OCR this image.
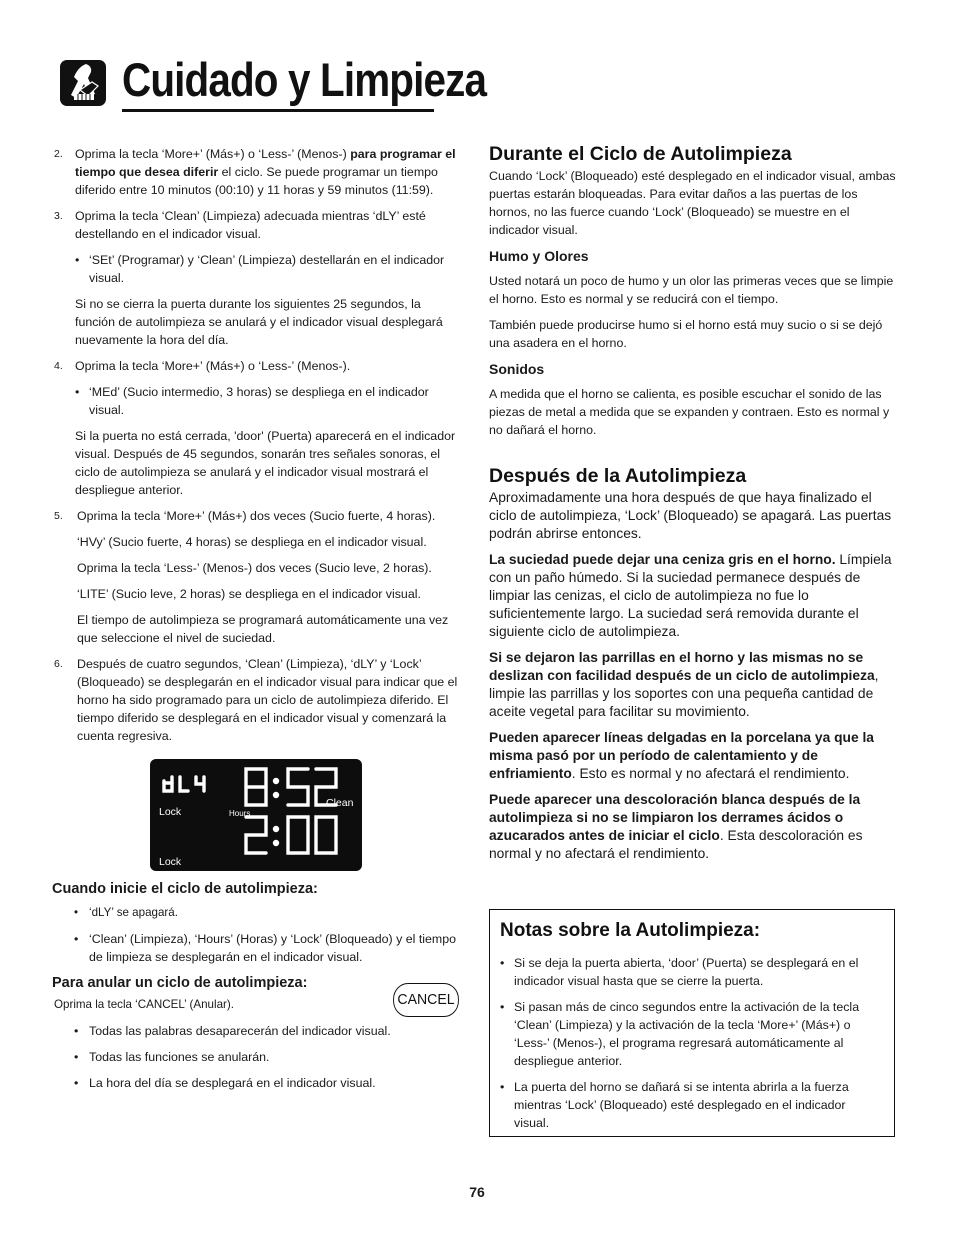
Cuidado y Limpieza
2. Oprima la tecla ‘More+’ (Más+) o ‘Less-’ (Menos-) para programar el tiempo que desea diferir el ciclo. Se puede programar un tiempo diferido entre 10 minutos (00:10) y 11 horas y 59 minutos (11:59).
3. Oprima la tecla ‘Clean’ (Limpieza) adecuada mientras ‘dLY’ esté destellando en el indicador visual.
• ‘SEt’ (Programar) y ‘Clean’ (Limpieza) destellarán en el indicador visual.
Si no se cierra la puerta durante los siguientes 25 segundos, la función de autolimpieza se anulará y el indicador visual desplegará nuevamente la hora del día.
4. Oprima la tecla ‘More+’ (Más+) o ‘Less-’ (Menos-).
• ‘MEd’ (Sucio intermedio, 3 horas) se despliega en el indicador visual.
Si la puerta no está cerrada, 'door' (Puerta) aparecerá en el indicador visual. Después de 45 segundos, sonarán tres señales sonoras, el ciclo de autolimpieza se anulará y el indicador visual mostrará el despliegue anterior.
5. Oprima la tecla ‘More+’ (Más+) dos veces (Sucio fuerte, 4 horas).
‘HVy’ (Sucio fuerte, 4 horas) se despliega en el indicador visual.
Oprima la tecla ‘Less-’ (Menos-) dos veces (Sucio leve, 2 horas).
‘LITE’ (Sucio leve, 2 horas) se despliega en el indicador visual.
El tiempo de autolimpieza se programará automáticamente una vez que seleccione el nivel de suciedad.
6. Después de cuatro segundos, ‘Clean’ (Limpieza), ‘dLY’ y ‘Lock’ (Bloqueado) se desplegarán en el indicador visual para indicar que el horno ha sido programado para un ciclo de autolimpieza diferido. El tiempo diferido se desplegará en el indicador visual y comenzará la cuenta regresiva.
Lock	Hours
Clean
Lock
Cuando inicie el ciclo de autolimpieza:
• ‘dLY’ se apagará.
• ‘Clean’ (Limpieza), ‘Hours’ (Horas) y ‘Lock’ (Bloqueado) y el tiempo de limpieza se desplegarán en el indicador visual.
Para anular un ciclo de autolimpieza:
CANCEL

Oprima la tecla ‘CANCEL’ (Anular).

• Todas las palabras desaparecerán del indicador visual.
• Todas las funciones se anularán.
• La hora del día se desplegará en el indicador visual.
Durante el Ciclo de Autolimpieza

Cuando ‘Lock’ (Bloqueado) esté desplegado en el indicador visual, ambas puertas estarán bloqueadas. Para evitar daños a las puertas de los hornos, no las fuerce cuando ‘Lock’ (Bloqueado) se muestre en el indicador visual.

Humo y Olores

Usted notará un poco de humo y un olor las primeras veces que se limpie el horno. Esto es normal y se reducirá con el tiempo.

También puede producirse humo si el horno está muy sucio o si se dejó una asadera en el horno.

Sonidos

A medida que el horno se calienta, es posible escuchar el sonido de las piezas de metal a medida que se expanden y contraen. Esto es normal y no dañará el horno.

Después de la Autolimpieza

Aproximadamente una hora después de que haya finalizado el ciclo de autolimpieza, ‘Lock’ (Bloqueado) se apagará. Las puertas podrán abrirse entonces.

La suciedad puede dejar una ceniza gris en el horno. Límpiela con un paño húmedo. Si la suciedad permanece después de limpiar las cenizas, el ciclo de autolimpieza no fue lo suficientemente largo. La suciedad será removida durante el siguiente ciclo de autolimpieza.

Si se dejaron las parrillas en el horno y las mismas no se deslizan con facilidad después de un ciclo de autolimpieza, limpie las parrillas y los soportes con una pequeña cantidad de aceite vegetal para facilitar su movimiento.

Pueden aparecer líneas delgadas en la porcelana ya que la misma pasó por un período de calentamiento y de enfriamiento. Esto es normal y no afectará el rendimiento.

Puede aparecer una descoloración blanca después de la autolimpieza si no se limpiaron los derrames ácidos o azucarados antes de iniciar el ciclo. Esta descoloración es normal y no afectará el rendimiento.

Notas sobre la Autolimpieza:
• Si se deja la puerta abierta, ‘door’ (Puerta) se desplegará en el indicador visual hasta que se cierre la puerta.
• Si pasan más de cinco segundos entre la activación de la tecla ‘Clean’ (Limpieza) y la activación de la tecla ‘More+’ (Más+) o ‘Less-’ (Menos-), el programa regresará automáticamente al despliegue anterior.
• La puerta del horno se dañará si se intenta abrirla a la fuerza mientras ‘Lock’ (Bloqueado) esté desplegado en el indicador visual.
76
